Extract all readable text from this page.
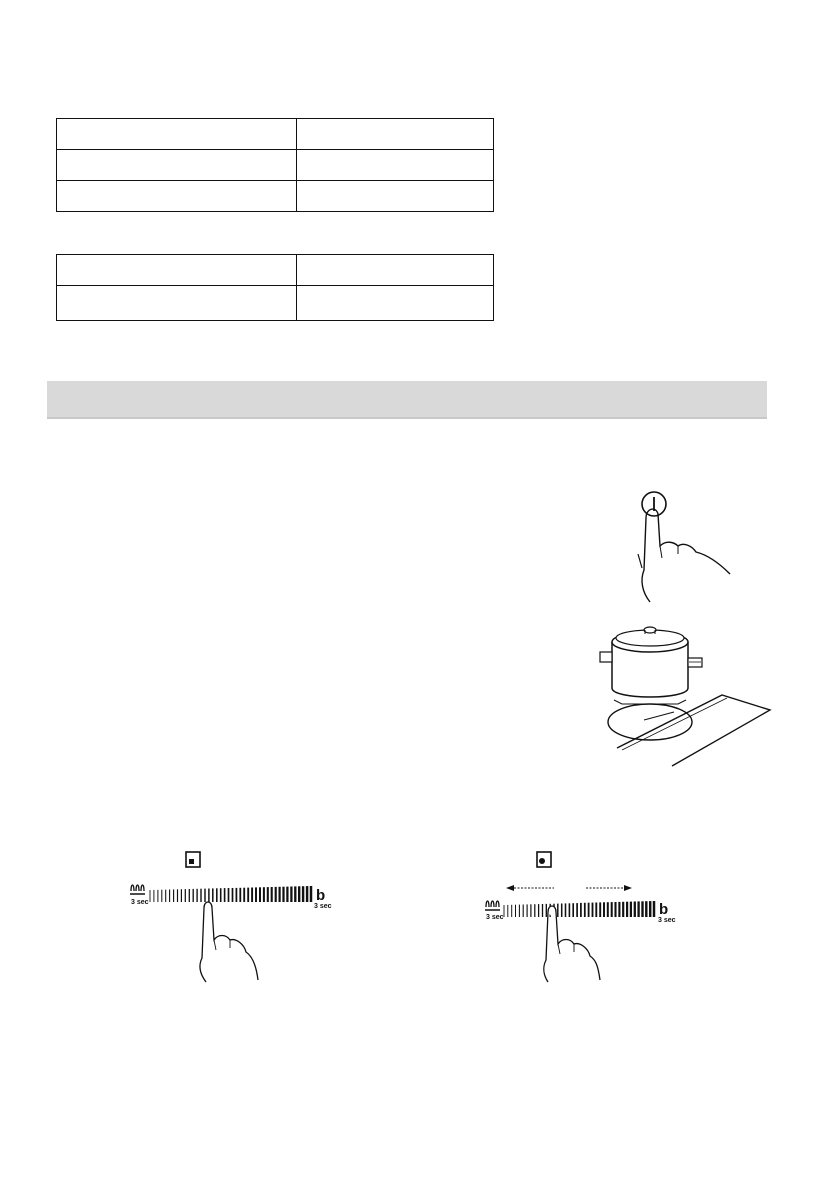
3 sec	b
3 sec
3 sec	b
3 sec
